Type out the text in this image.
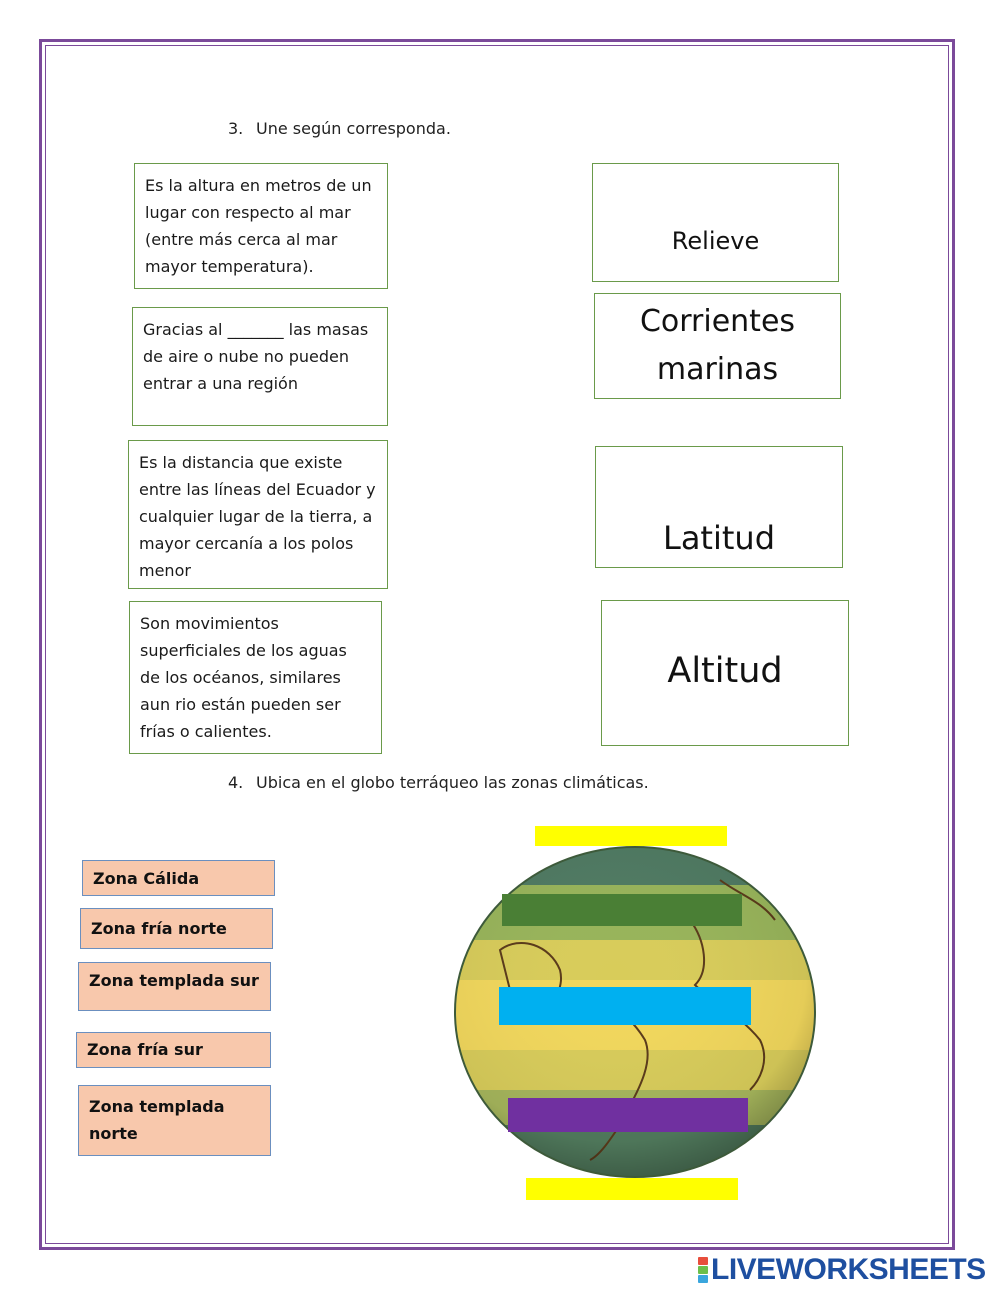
3. Une según corresponda.
Es la altura en metros de un lugar con respecto al mar (entre más cerca al mar mayor temperatura).
Gracias al _______ las masas de aire o nube no pueden entrar a una región
Es la distancia que existe entre las líneas del Ecuador y cualquier lugar de la tierra, a mayor cercanía a los polos menor
Son movimientos superficiales de los aguas de los océanos, similares aun rio están pueden ser frías o calientes.
Relieve
Corrientes marinas
Latitud
Altitud
4. Ubica en el globo terráqueo las zonas climáticas.
Zona Cálida
Zona fría norte
Zona templada sur
Zona fría sur
Zona templada norte
LIVEWORKSHEETS
